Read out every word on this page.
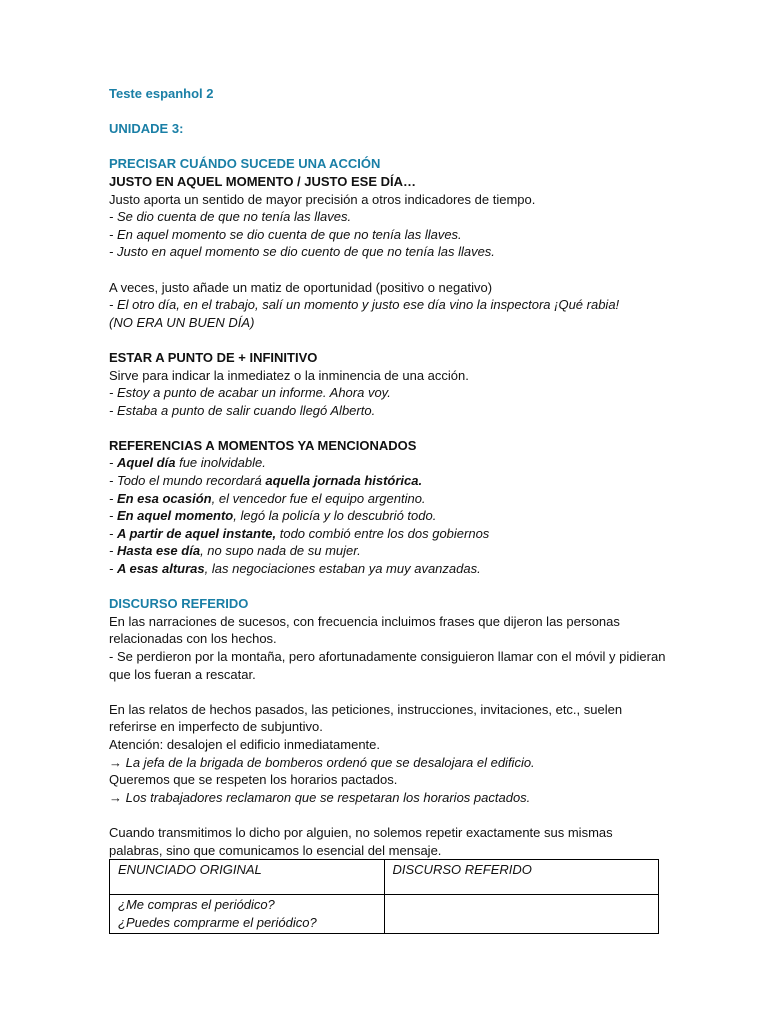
Teste espanhol 2
UNIDADE 3:
PRECISAR CUÁNDO SUCEDE UNA ACCIÓN
JUSTO EN AQUEL MOMENTO / JUSTO ESE DÍA…
Justo aporta un sentido de mayor precisión a otros indicadores de tiempo.
- Se dio cuenta de que no tenía las llaves.
- En aquel momento se dio cuenta de que no tenía las llaves.
- Justo en aquel momento se dio cuento de que no tenía las llaves.
A veces, justo añade un matiz de oportunidad (positivo o negativo)
- El otro día, en el trabajo, salí un momento y justo ese día vino la inspectora ¡Qué rabia!
(NO ERA UN BUEN DÍA)
ESTAR A PUNTO DE + INFINITIVO
Sirve para indicar la inmediatez o la inminencia de una acción.
- Estoy a punto de acabar un informe. Ahora voy.
- Estaba a punto de salir cuando llegó Alberto.
REFERENCIAS A MOMENTOS YA MENCIONADOS
- Aquel día fue inolvidable.
- Todo el mundo recordará aquella jornada histórica.
- En esa ocasión, el vencedor fue el equipo argentino.
- En aquel momento, legó la policía y lo descubrió todo.
- A partir de aquel instante, todo combió entre los dos gobiernos
- Hasta ese día, no supo nada de su mujer.
- A esas alturas, las negociaciones estaban ya muy avanzadas.
DISCURSO REFERIDO
En las narraciones de sucesos, con frecuencia incluimos frases que dijeron las personas relacionadas con los hechos.
- Se perdieron por la montaña, pero afortunadamente consiguieron llamar con el móvil y pidieran que los fueran a rescatar.
En las relatos de hechos pasados, las peticiones, instrucciones, invitaciones, etc., suelen referirse en imperfecto de subjuntivo.
Atención: desalojen el edificio inmediatamente.
→ La jefa de la brigada de bomberos ordenó que se desalojara el edificio.
Queremos que se respeten los horarios pactados.
→ Los trabajadores reclamaron que se respetaran los horarios pactados.
Cuando transmitimos lo dicho por alguien, no solemos repetir exactamente sus mismas palabras, sino que comunicamos lo esencial del mensaje.
ENUNCIADO ORIGINAL	DISCURSO REFERIDO

¿Me compras el periódico?
¿Puedes comprarme el periódico?	
